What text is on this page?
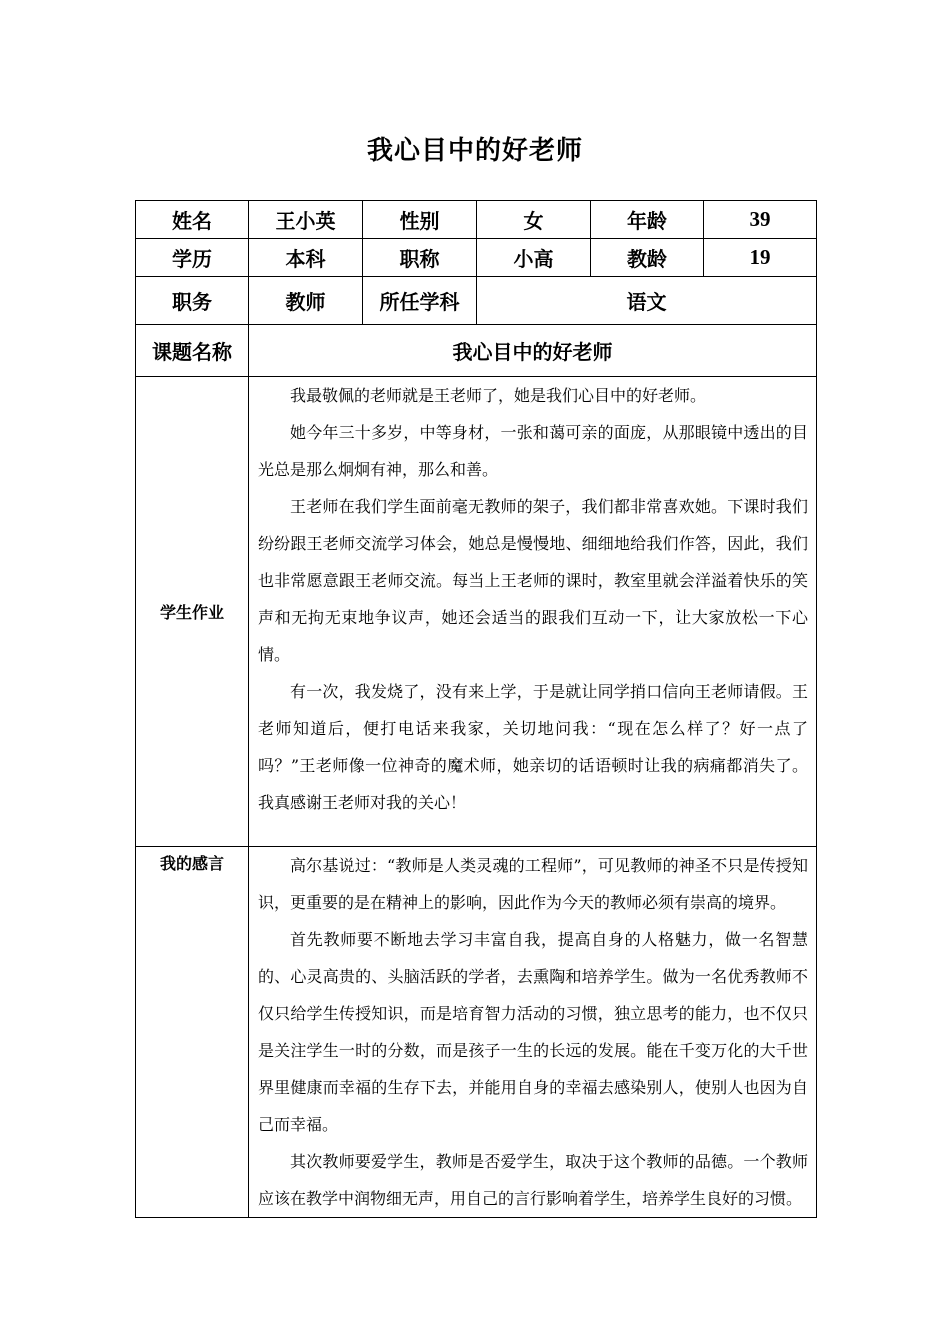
我心目中的好老师
姓名	王小英	性别	女	年龄	39
学历	本科	职称	小高	教龄	19
职务	教师	所任学科	语文		
课题名称	我心目中的好老师				
学生作业	我最敬佩的老师就是王老师了，她是我们心目中的好老师。

她今年三十多岁，中等身材，一张和蔼可亲的面庞，从那眼镜中透出的目光总是那么炯炯有神，那么和善。

王老师在我们学生面前毫无教师的架子，我们都非常喜欢她。下课时我们纷纷跟王老师交流学习体会，她总是慢慢地、细细地给我们作答，因此，我们也非常愿意跟王老师交流。每当上王老师的课时，教室里就会洋溢着快乐的笑声和无拘无束地争议声，她还会适当的跟我们互动一下，让大家放松一下心情。

有一次，我发烧了，没有来上学，于是就让同学捎口信向王老师请假。王老师知道后，便打电话来我家，关切地问我：“现在怎么样了？好一点了吗？”王老师像一位神奇的魔术师，她亲切的话语顿时让我的病痛都消失了。我真感谢王老师对我的关心！				

我的感言	高尔基说过：“教师是人类灵魂的工程师”，可见教师的神圣不只是传授知识，更重要的是在精神上的影响，因此作为今天的教师必须有崇高的境界。

首先教师要不断地去学习丰富自我，提高自身的人格魅力，做一名智慧的、心灵高贵的、头脑活跃的学者，去熏陶和培养学生。做为一名优秀教师不仅只给学生传授知识，而是培育智力活动的习惯，独立思考的能力，也不仅只是关注学生一时的分数，而是孩子一生的长远的发展。能在千变万化的大千世界里健康而幸福的生存下去，并能用自身的幸福去感染别人，使别人也因为自己而幸福。

其次教师要爱学生，教师是否爱学生，取决于这个教师的品德。一个教师应该在教学中润物细无声，用自己的言行影响着学生，培养学生良好的习惯。				
